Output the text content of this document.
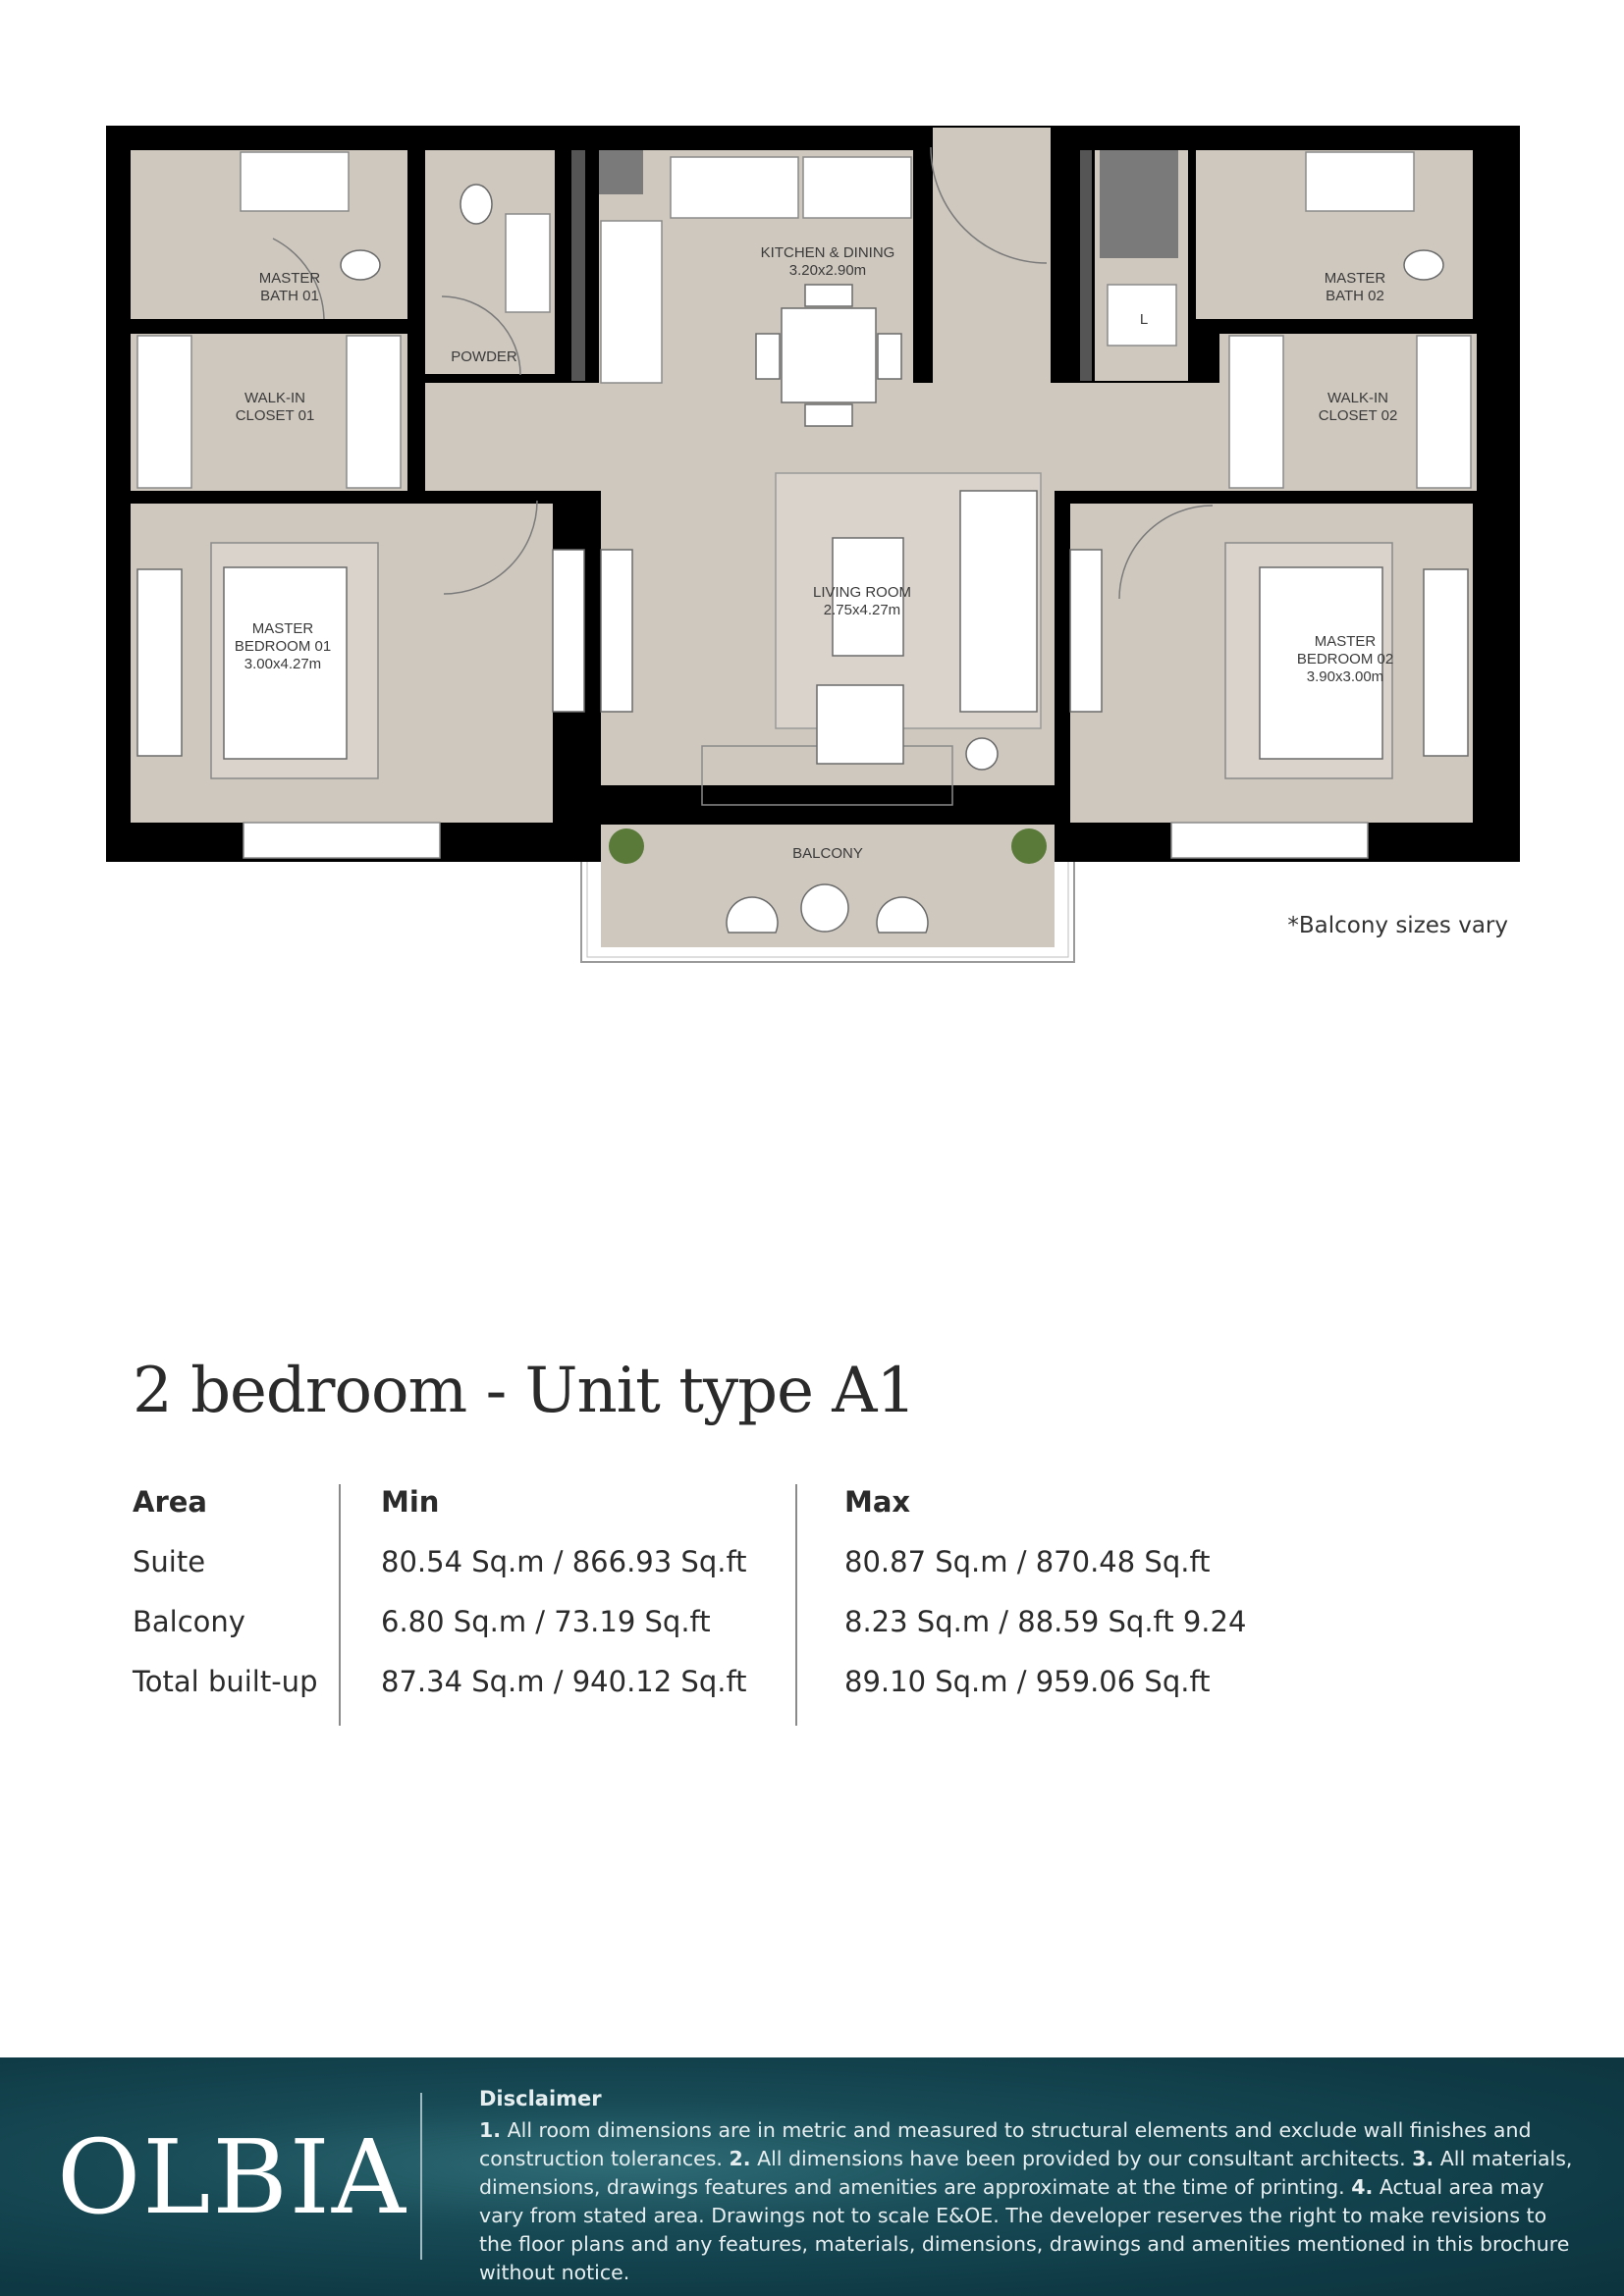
MASTER BATH 01
WALK-IN CLOSET 01
POWDER
KITCHEN & DINING 3.20x2.90m	MASTER BATH 02
WALK-IN CLOSET 02
L
MASTER BEDROOM 01 3.00x4.27m
LIVING ROOM 2.75x4.27m
MASTER BEDROOM 02 3.90x3.00m
BALCONY
*Balcony sizes vary
2 bedroom - Unit type A1
Area
Suite
Balcony
Total built-up
Min
80.54 Sq.m / 866.93 Sq.ft
6.80 Sq.m / 73.19 Sq.ft
87.34 Sq.m / 940.12 Sq.ft
Max
80.87 Sq.m / 870.48 Sq.ft
8.23 Sq.m / 88.59 Sq.ft 9.24
89.10 Sq.m / 959.06 Sq.ft
OLBIA
Disclaimer
1. All room dimensions are in metric and measured to structural elements and exclude wall finishes and construction tolerances. 2. All dimensions have been provided by our consultant architects. 3. All materials, dimensions, drawings features and amenities are approximate at the time of printing. 4. Actual area may vary from stated area. Drawings not to scale E&OE. The developer reserves the right to make revisions to the floor plans and any features, materials, dimensions, drawings and amenities mentioned in this brochure without notice.
